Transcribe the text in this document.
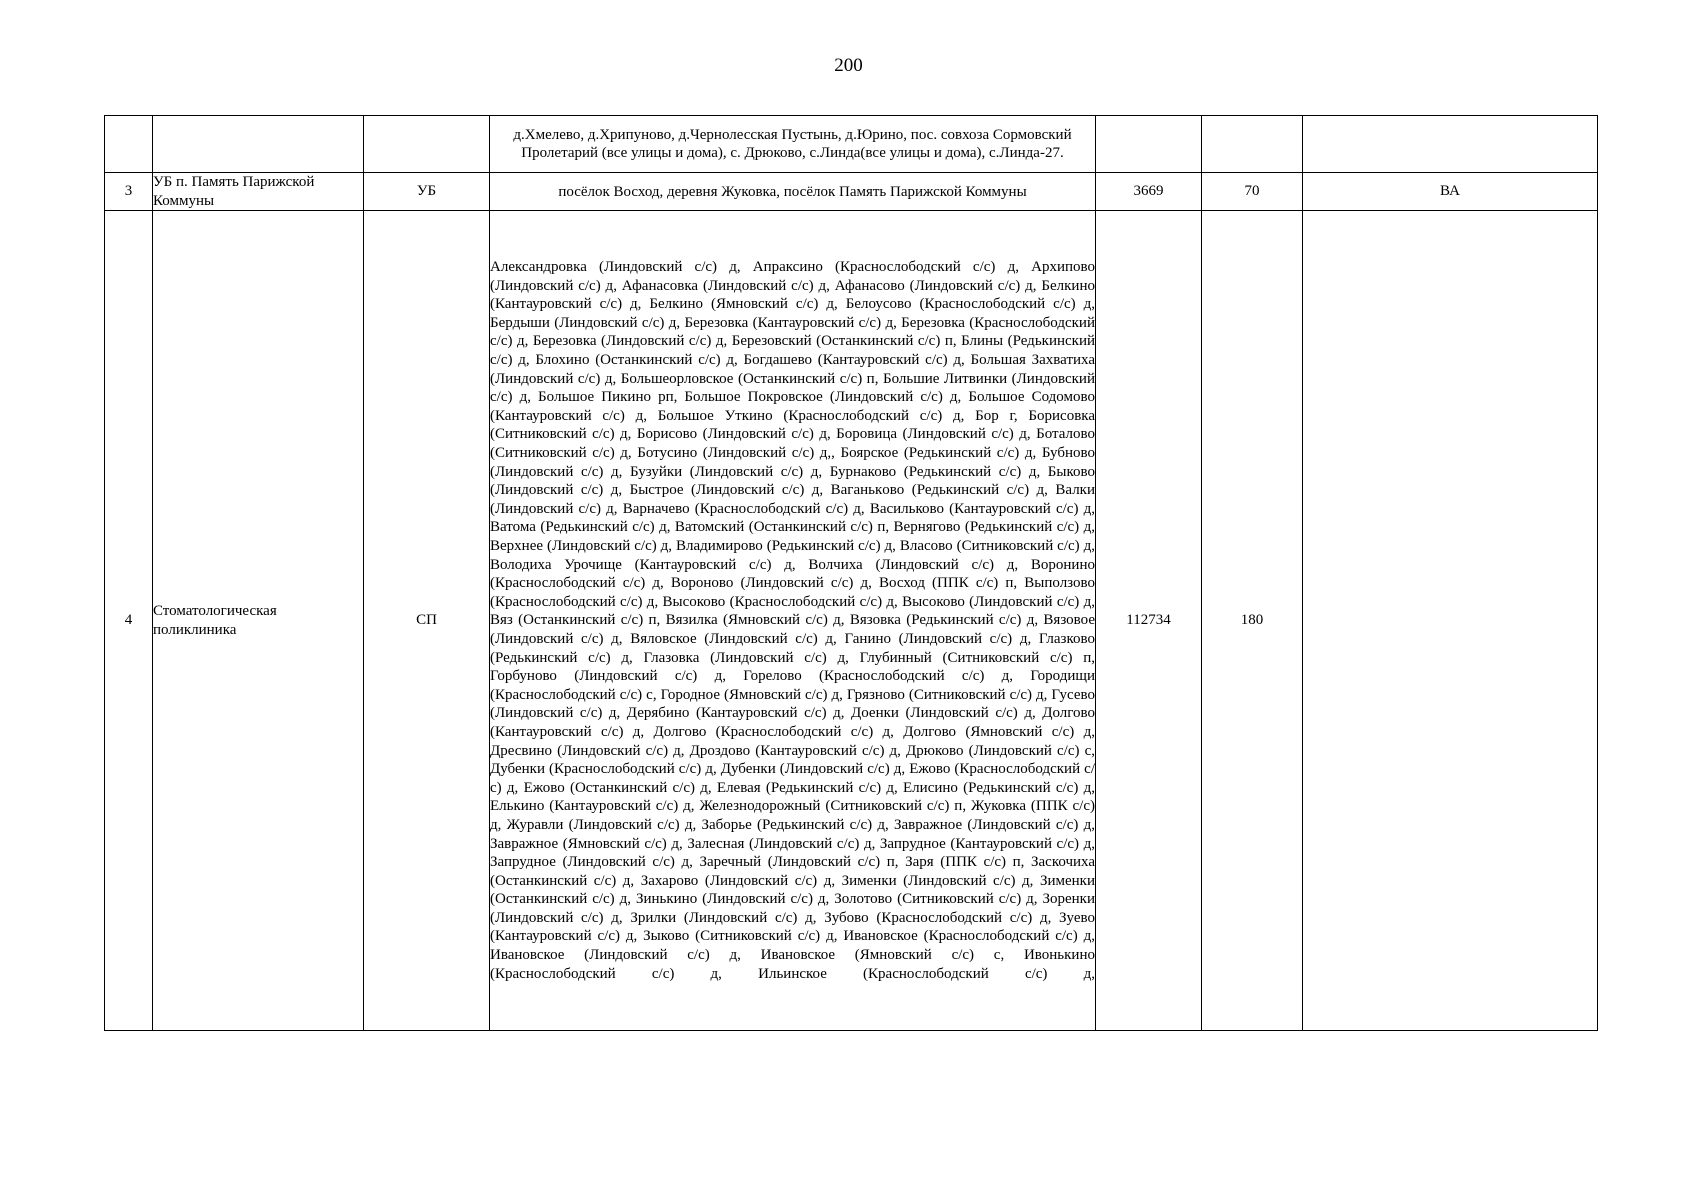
200

			д.Хмелево, д.Хрипуново, д.Чернолесская Пустынь, д.Юрино, пос. совхоза Сормовский Пролетарий (все улицы и дома), с. Дрюково, с.Линда(все улицы и дома), с.Линда-27.			

3	УБ п. Память Парижской Коммуны	УБ	посёлок Восход, деревня Жуковка, посёлок Память Парижской Коммуны	3669	70	ВА
4	Стоматологическая поликлиника	СП	Александровка (Линдовский с/с) д, Апраксино (Краснослободский с/с) д, Архипово (Линдовский с/с) д, Афанасовка (Линдовский с/с) д, Афанасово (Линдовский с/с) д, Белкино (Кантауровский с/с) д, Белкино (Ямновский с/с) д, Белоусово (Краснослободский с/с) д, Бердыши (Линдовский с/с) д, Березовка (Кантауровский с/с) д, Березовка (Краснослободский с/с) д, Березовка (Линдовский с/с) д, Березовский (Останкинский с/с) п, Блины (Редькинский с/с) д, Блохино (Останкинский с/с) д, Богдашево (Кантауровский с/с) д, Большая Захватиха (Линдовский с/с) д, Большеорловское (Останкинский с/с) п, Большие Литвинки (Линдовский с/с) д, Большое Пикино рп, Большое Покровское (Линдовский с/с) д, Большое Содомово (Кантауровский с/с) д, Большое Уткино (Краснослободский с/с) д, Бор г, Борисовка (Ситниковский с/с) д, Борисово (Линдовский с/с) д, Боровица (Линдовский с/с) д, Боталово (Ситниковский с/с) д, Ботусино (Линдовский с/с) д,, Боярское (Редькинский с/с) д, Бубново (Линдовский с/с) д, Бузуйки (Линдовский с/с) д, Бурнаково (Редькинский с/с) д, Быково (Линдовский с/с) д, Быстрое (Линдовский с/с) д, Ваганькoво (Редькинский с/с) д, Валки (Линдовский с/с) д, Варначево (Краснослободский с/с) д, Васильково (Кантауровский с/с) д, Ватома (Редькинский с/с) д, Ватомский (Останкинский с/с) п, Вернягово (Редькинский с/с) д, Верхнее (Линдовский с/с) д, Владимирово (Редькинский с/с) д, Власово (Ситниковский с/с) д, Володиха Урочище (Кантауровский с/с) д, Волчиха (Линдовский с/с) д, Воронино (Краснослободский с/с) д, Вороново (Линдовский с/с) д, Восход (ППК с/с) п, Выползово (Краснослободский с/с) д, Высоково (Краснослободский с/с) д, Высоково (Линдовский с/с) д, Вяз (Останкинский с/с) п, Вязилка (Ямновский с/с) д, Вязовка (Редькинский с/с) д, Вязовое (Линдовский с/с) д, Вяловское (Линдовский с/с) д, Ганино (Линдовский с/с) д, Глазково (Редькинский с/с) д, Глазовка (Линдовский с/с) д, Глубинный (Ситниковский с/с) п, Горбуново (Линдовский с/с) д, Горелово (Краснослободский с/с) д, Городищи (Краснослободский с/с) с, Городное (Ямновский с/с) д, Грязново (Ситниковский с/с) д, Гусево (Линдовский с/с) д, Дерябино (Кантауровский с/с) д, Доенки (Линдовский с/с) д, Долгово (Кантауровский с/с) д, Долгово (Краснослободский с/с) д, Долгово (Ямновский с/с) д, Дресвино (Линдовский с/с) д, Дроздово (Кантауровский с/с) д, Дрюково (Линдовский с/с) с, Дубенки (Краснослободский с/с) д, Дубенки (Линдовский с/с) д, Ежово (Краснослободский с/с) д, Ежово (Останкинский с/с) д, Елевая (Редькинский с/с) д, Елисино (Редькинский с/с) д, Елькино (Кантауровский с/с) д, Железнодорожный (Ситниковский с/с) п, Жуковка (ППК с/с) д, Журавли (Линдовский с/с) д, Заборье (Редькинский с/с) д, Завражное (Линдовский с/с) д, Завражное (Ямновский с/с) д, Залесная (Линдовский с/с) д, Запрудное (Кантауровский с/с) д, Запрудное (Линдовский с/с) д, Заречный (Линдовский с/с) п, Заря (ППК с/с) п, Заскочиха (Останкинский с/с) д, Захарово (Линдовский с/с) д, Зименки (Линдовский с/с) д, Зименки (Останкинский с/с) д, Зинькино (Линдовский с/с) д, Золотово (Ситниковский с/с) д, Зоренки (Линдовский с/с) д, Зрилки (Линдовский с/с) д, Зубово (Краснослободский с/с) д, Зуево (Кантауровский с/с) д, Зыково (Ситниковский с/с) д, Ивановское (Краснослободский с/с) д, Ивановское (Линдовский с/с) д, Ивановское (Ямновский с/с) с, Ивонькино (Краснослободский с/с) д, Ильинское (Краснослободский с/с) д,	112734	180	
